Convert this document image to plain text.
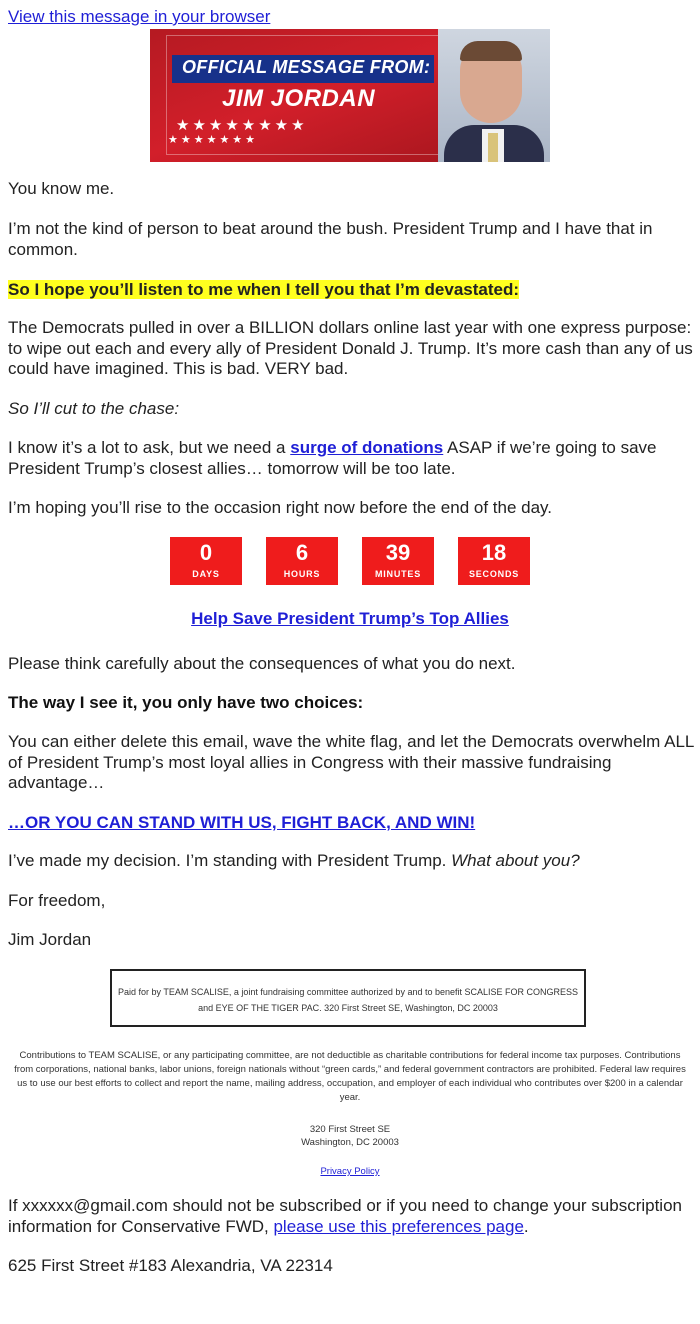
View this message in your browser
OFFICIAL MESSAGE FROM:
JIM JORDAN
★★★★★★★★
★★★★★★★

You know me.

I’m not the kind of person to beat around the bush. President Trump and I have that in common.

So I hope you’ll listen to me when I tell you that I’m devastated:

The Democrats pulled in over a BILLION dollars online last year with one express purpose: to wipe out each and every ally of President Donald J. Trump. It’s more cash than any of us could have imagined. This is bad. VERY bad.

So I’ll cut to the chase:

I know it’s a lot to ask, but we need a surge of donations ASAP if we’re going to save President Trump’s closest allies… tomorrow will be too late.

I’m hoping you’ll rise to the occasion right now before the end of the day.

0
DAYS
6
HOURS
39
MINUTES
18
SECONDS
Help Save President Trump’s Top Allies

Please think carefully about the consequences of what you do next.

The way I see it, you only have two choices:

You can either delete this email, wave the white flag, and let the Democrats overwhelm ALL of President Trump’s most loyal allies in Congress with their massive fundraising advantage…

…OR YOU CAN STAND WITH US, FIGHT BACK, AND WIN!

I’ve made my decision. I’m standing with President Trump. What about you?

For freedom,

Jim Jordan

Paid for by TEAM SCALISE, a joint fundraising committee authorized by and to benefit SCALISE FOR CONGRESS and EYE OF THE TIGER PAC. 320 First Street SE, Washington, DC 20003
Contributions to TEAM SCALISE, or any participating committee, are not deductible as charitable contributions for federal income tax purposes. Contributions from corporations, national banks, labor unions, foreign nationals without “green cards,” and federal government contractors are prohibited. Federal law requires us to use our best efforts to collect and report the name, mailing address, occupation, and employer of each individual who contributes over $200 in a calendar year.
320 First Street SE
Washington, DC 20003
Privacy Policy

If xxxxxx@gmail.com should not be subscribed or if you need to change your subscription information for Conservative FWD, please use this preferences page.

625 First Street #183 Alexandria, VA 22314
